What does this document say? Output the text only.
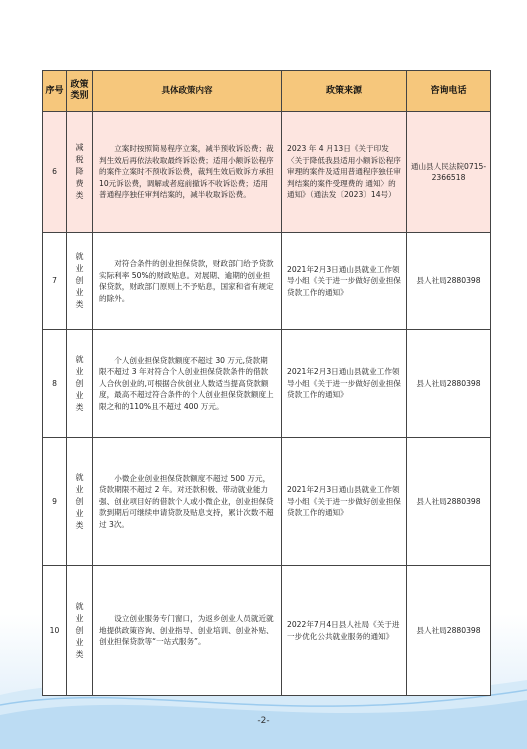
序号	政策类别	具体政策内容	政策来源	咨询电话
6	减税降费类	立案时按照简易程序立案，减半预收诉讼费；裁判生效后再依法收取最终诉讼费；适用小额诉讼程序的案件立案时不预收诉讼费，裁判生效后败诉方承担10元诉讼费，调解或者庭前撤诉不收诉讼费；适用普通程序独任审判结案的，减半收取诉讼费。	2023 年 4 月13日《关于印发〈关于降低我县适用小额诉讼程序审理的案件及适用普通程序独任审判结案的案件受理费的 通知〉的通知》（通法发〔2023〕14号）	通山县人民法院0715-2366518
7	就业创业类	对符合条件的创业担保贷款，财政部门给予贷款实际利率 50%的财政贴息。对展期、逾期的创业担保贷款，财政部门原则上不予贴息，国家和省有规定的除外。	2021年2月3日通山县就业工作领导小组《关于进一步做好创业担保贷款工作的通知》	县人社局2880398
8	就业创业类	个人创业担保贷款额度不超过 30 万元,贷款期限不超过 3 年对符合个人创业担保贷款条件的借款人合伙创业的,可根据合伙创业人数适当提高贷款额度，最高不超过符合条件的个人创业担保贷款额度上限之和的110%且不超过 400 万元。	2021年2月3日通山县就业工作领导小组《关于进一步做好创业担保贷款工作的通知》	县人社局2880398
9	就业创业类	小微企业创业担保贷款额度不超过 500 万元，贷款期限不超过 2 年。对还款积极、带动就业能力强、创业项目好的借款个人或小微企业，创业担保贷款到期后可继续申请贷款及贴息支持，累计次数不超过 3次。	2021年2月3日通山县就业工作领导小组《关于进一步做好创业担保贷款工作的通知》	县人社局2880398
10	就业创业类	设立创业服务专门窗口，为返乡创业人员就近就地提供政策咨询、创业指导、创业培训、创业补贴、创业担保贷款等“一站式服务”。	2022年7月4日县人社局《关于进一步优化公共就业服务的通知》	县人社局2880398
-2-
